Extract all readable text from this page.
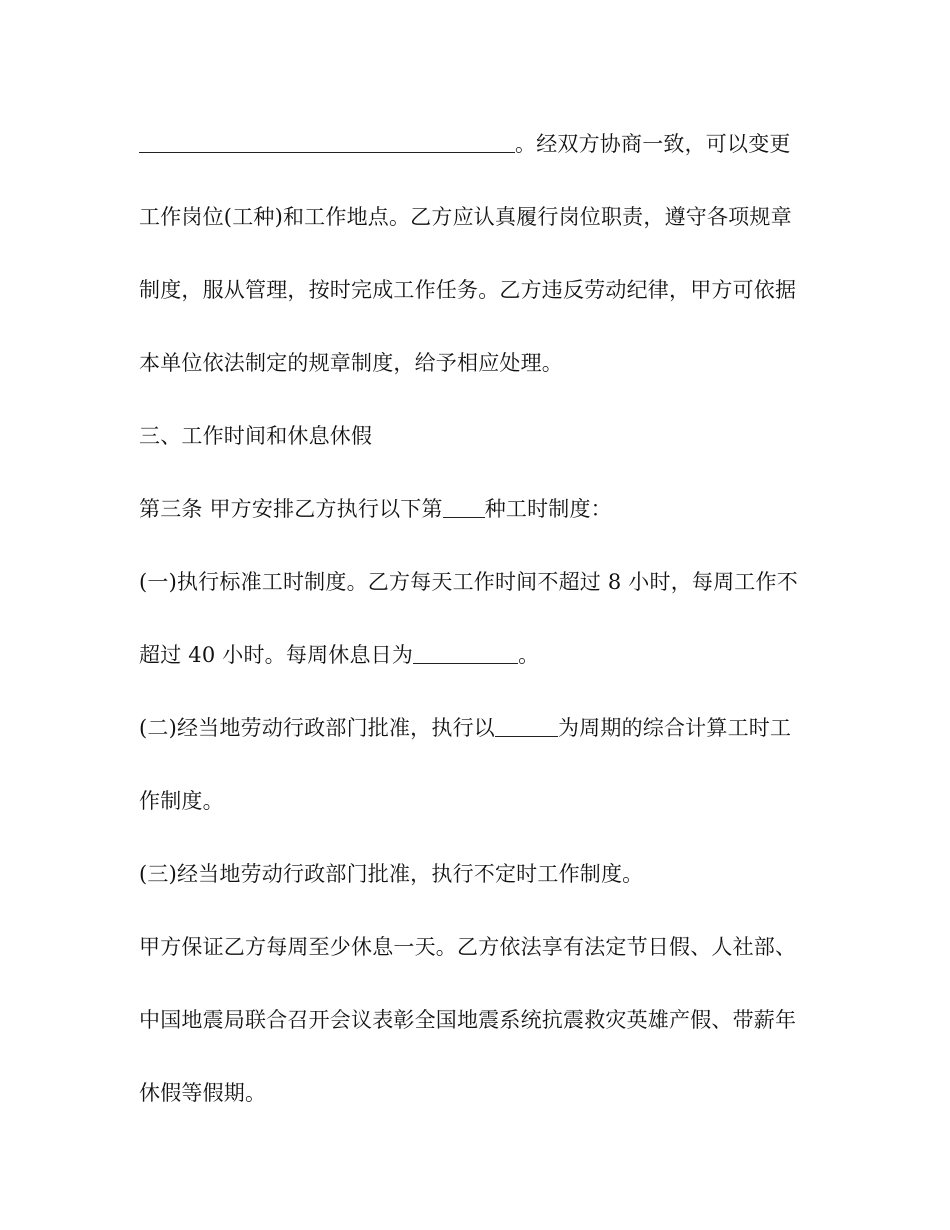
。经双方协商一致，可以变更
工作岗位(工种)和工作地点。乙方应认真履行岗位职责，遵守各项规章
制度，服从管理，按时完成工作任务。乙方违反劳动纪律，甲方可依据
本单位依法制定的规章制度，给予相应处理。
三、工作时间和休息休假
第三条 甲方安排乙方执行以下第 种工时制度：
(一)执行标准工时制度。乙方每天工作时间不超过 8 小时，每周工作不
超过 40 小时。每周休息日为	。
(二)经当地劳动行政部门批准，执行以	为周期的综合计算工时工
作制度。
(三)经当地劳动行政部门批准，执行不定时工作制度。
甲方保证乙方每周至少休息一天。乙方依法享有法定节日假、人社部、
中国地震局联合召开会议表彰全国地震系统抗震救灾英雄产假、带薪年
休假等假期。
